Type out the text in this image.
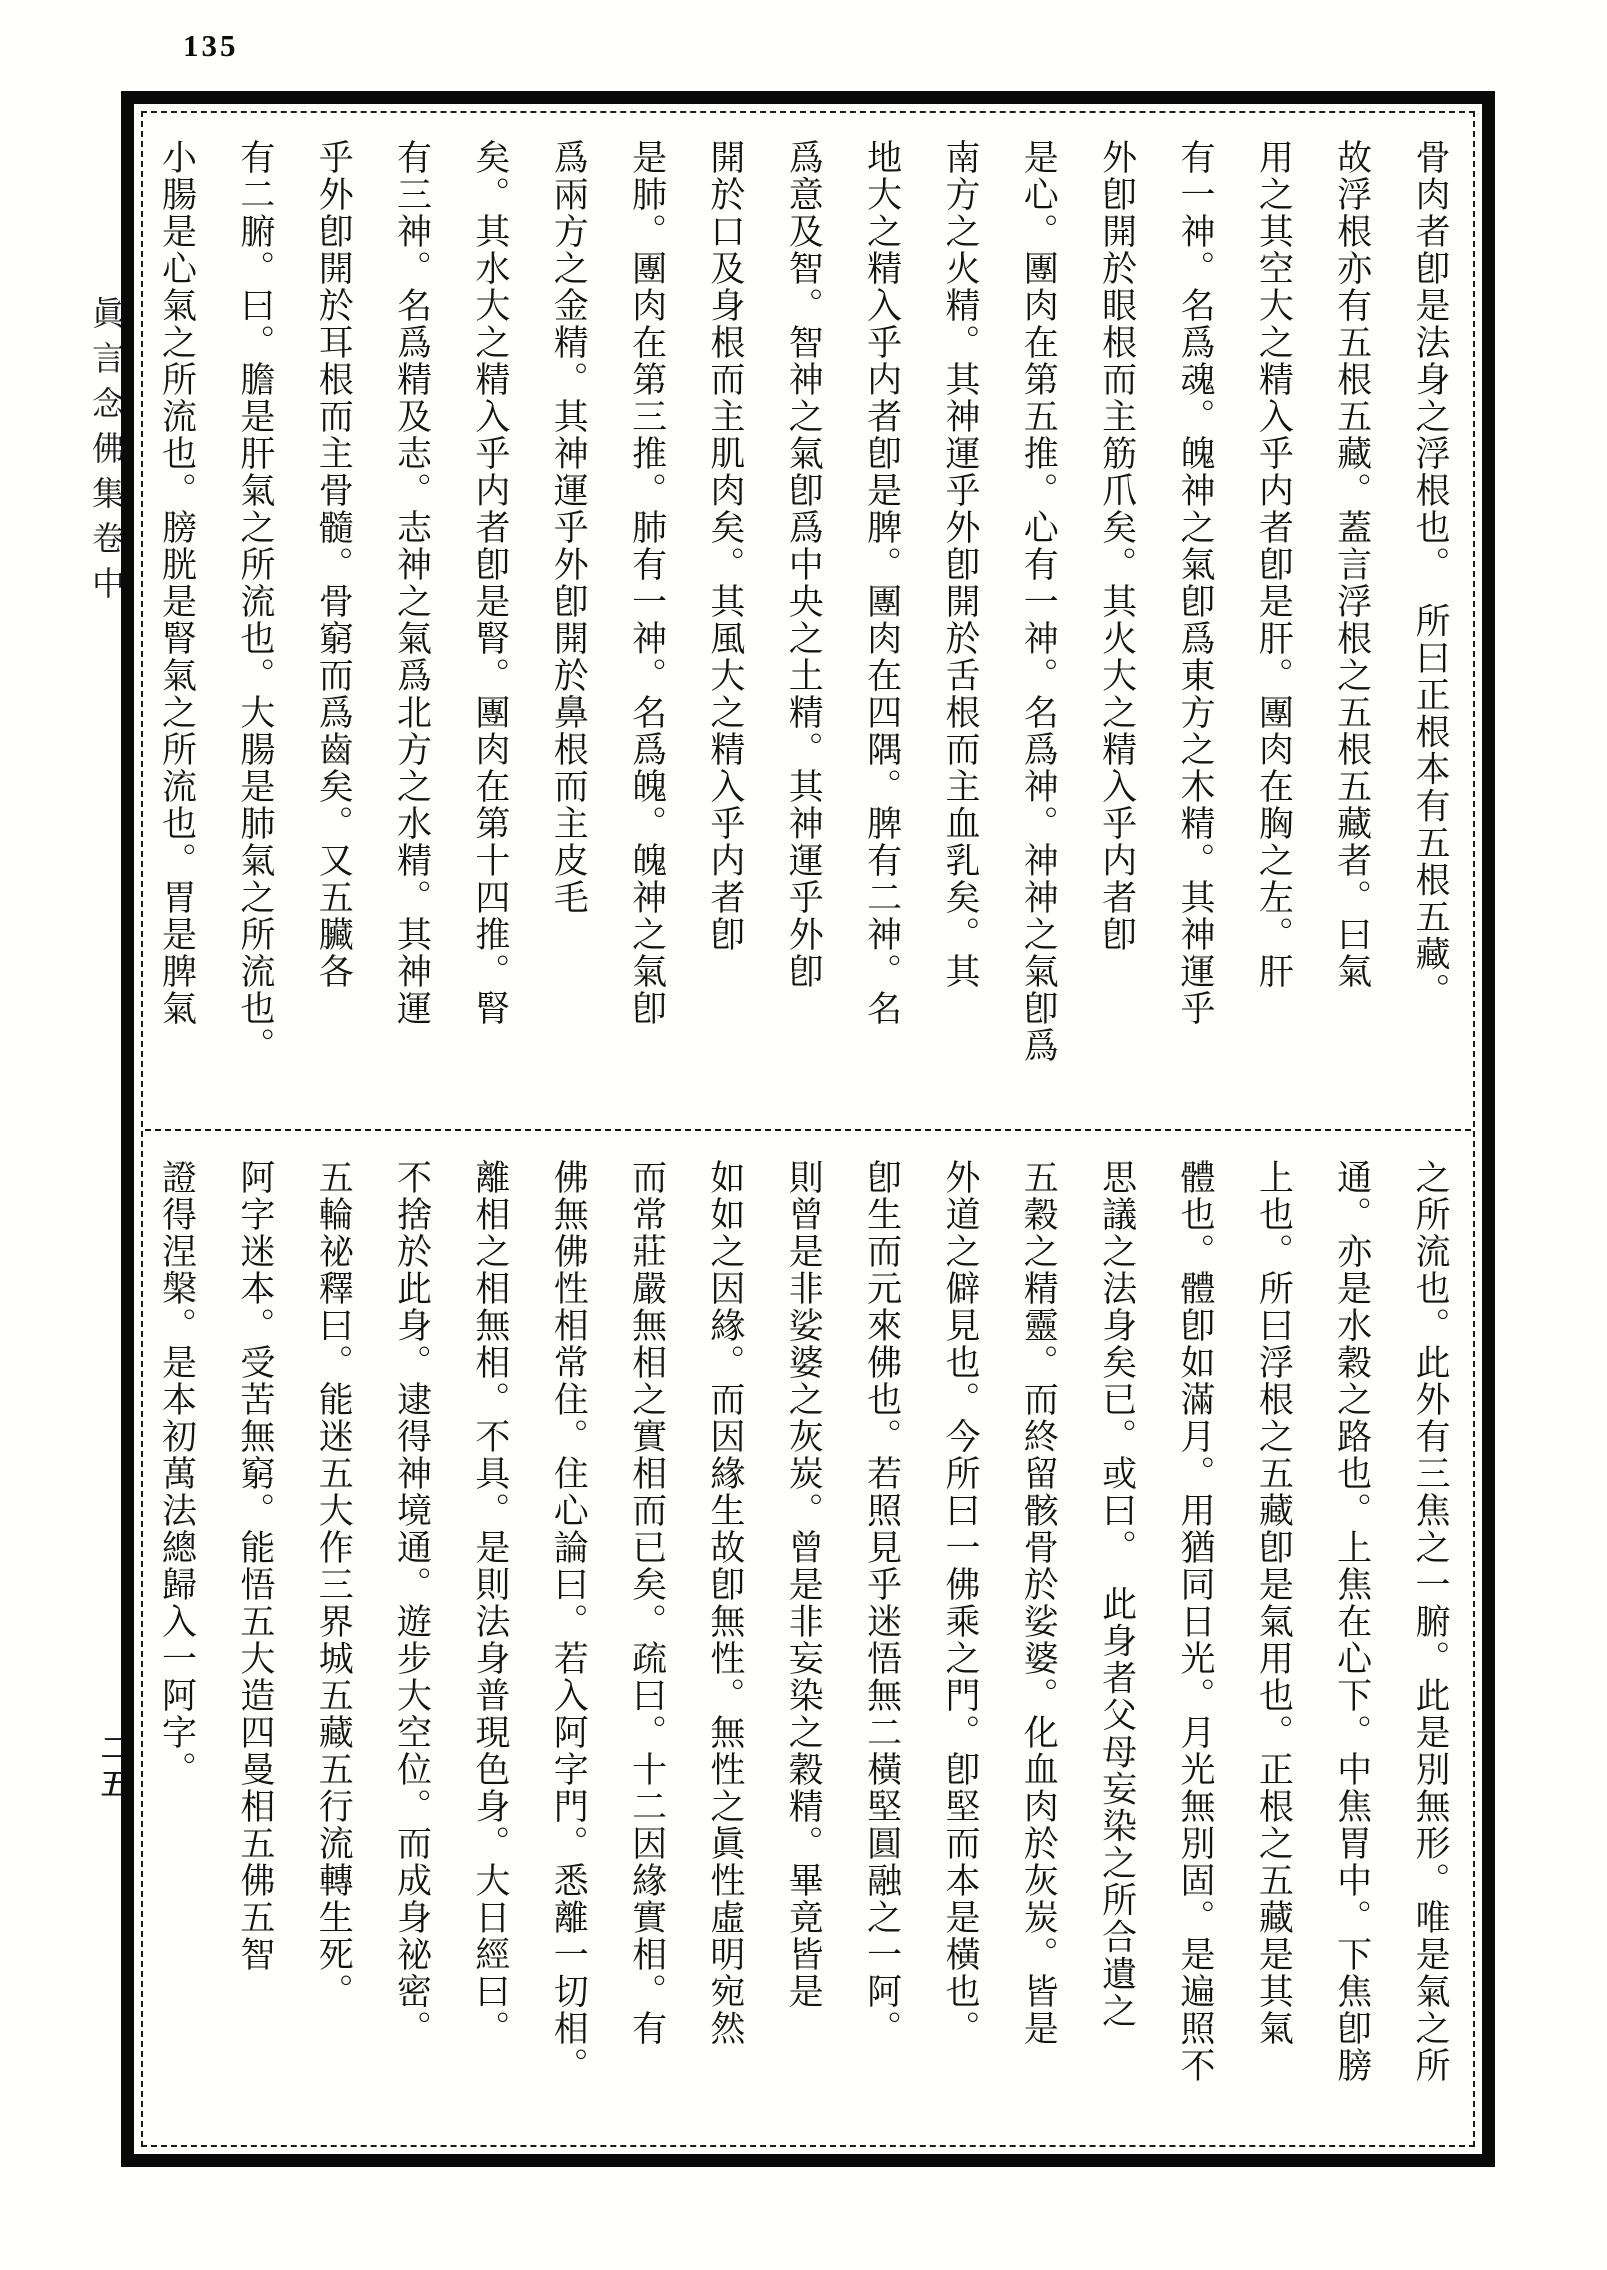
135
眞言念佛集卷中
二五
骨肉者卽是法身之浮根也。　所曰正根本有五根五藏。
故浮根亦有五根五藏。蓋言浮根之五根五藏者。曰氣
用之其空大之精入乎内者卽是肝。團肉在胸之左。肝
有一神。名爲魂。魄神之氣卽爲東方之木精。其神運乎
外卽開於眼根而主筋爪矣。其火大之精入乎内者卽
是心。團肉在第五推。心有一神。名爲神。神神之氣卽爲
南方之火精。其神運乎外卽開於舌根而主血乳矣。其
地大之精入乎内者卽是脾。團肉在四隅。脾有二神。名
爲意及智。智神之氣卽爲中央之土精。其神運乎外卽
開於口及身根而主肌肉矣。其風大之精入乎内者卽
是肺。團肉在第三推。肺有一神。名爲魄。魄神之氣卽
爲兩方之金精。其神運乎外卽開於鼻根而主皮毛
矣。其水大之精入乎内者卽是腎。團肉在第十四推。腎
有三神。名爲精及志。志神之氣爲北方之水精。其神運
乎外卽開於耳根而主骨髓。骨窮而爲齒矣。又五臟各
有二腑。曰。膽是肝氣之所流也。大腸是肺氣之所流也。
小腸是心氣之所流也。膀胱是腎氣之所流也。胃是脾氣
之所流也。此外有三焦之一腑。此是別無形。唯是氣之所
通。亦是水穀之路也。上焦在心下。中焦胃中。下焦卽膀
上也。所曰浮根之五藏卽是氣用也。正根之五藏是其氣
體也。體卽如滿月。用猶同日光。月光無別固。是遍照不
思議之法身矣已。或曰。　此身者父母妄染之所合遺之
五穀之精靈。而終留骸骨於娑婆。化血肉於灰炭。皆是
外道之僻見也。今所曰一佛乘之門。卽堅而本是橫也。
卽生而元來佛也。若照見乎迷悟無二橫堅圓融之一阿。
則曾是非娑婆之灰炭。曾是非妄染之穀精。畢竟皆是
如如之因緣。而因緣生故卽無性。無性之眞性虛明宛然
而常莊嚴無相之實相而已矣。疏曰。十二因緣實相。有
佛無佛性相常住。住心論曰。若入阿字門。悉離一切相。
離相之相無相。不具。是則法身普現色身。大日經曰。
不捨於此身。逮得神境通。遊步大空位。而成身祕密。
五輪祕釋曰。能迷五大作三界城五藏五行流轉生死。
阿字迷本。受苦無窮。能悟五大造四曼相五佛五智
證得涅槃。是本初萬法總歸入一阿字。
